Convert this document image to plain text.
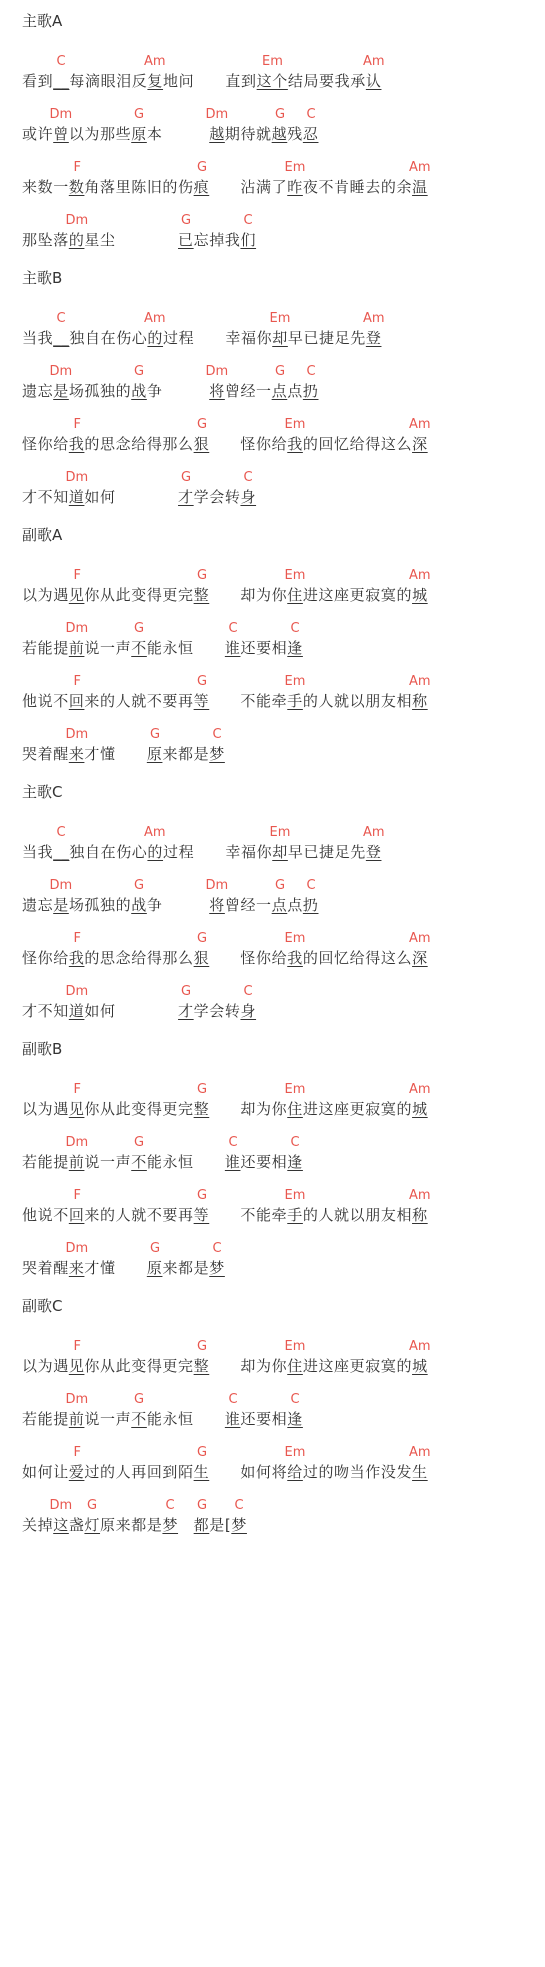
主歌A
看到__每滴眼泪反复地问　　直到这个结局要我承认
C	Am	Em	Am
或许曾以为那些原本　　　越期待就越残忍
Dm	G	Dm	G C
来数一数角落里陈旧的伤痕　　沾满了昨夜不肯睡去的余温
F	G	Em	Am
那坠落的星尘　　　　已忘掉我们
Dm	G	C
主歌B
当我__独自在伤心的过程　　幸福你却早已捷足先登
C	Am	Em	Am
遗忘是场孤独的战争　　　将曾经一点点扔
Dm	G	Dm	G C
怪你给我的思念给得那么狠　　怪你给我的回忆给得这么深
F	G	Em	Am
才不知道如何　　　　才学会转身
Dm	G	C
副歌A
以为遇见你从此变得更完整　　却为你住进这座更寂寞的城
F	G	Em	Am
若能提前说一声不能永恒　　谁还要相逢
Dm	G	C	C
他说不回来的人就不要再等　　不能牵手的人就以朋友相称
F	G	Em	Am
哭着醒来才懂　　原来都是梦
Dm	G	C
主歌C
当我__独自在伤心的过程　　幸福你却早已捷足先登
C	Am	Em	Am
遗忘是场孤独的战争　　　将曾经一点点扔
Dm	G	Dm	G C
怪你给我的思念给得那么狠　　怪你给我的回忆给得这么深
F	G	Em	Am
才不知道如何　　　　才学会转身
Dm	G	C
副歌B
以为遇见你从此变得更完整　　却为你住进这座更寂寞的城
F	G	Em	Am
若能提前说一声不能永恒　　谁还要相逢
Dm	G	C	C
他说不回来的人就不要再等　　不能牵手的人就以朋友相称
F	G	Em	Am
哭着醒来才懂　　原来都是梦
Dm	G	C
副歌C
以为遇见你从此变得更完整　　却为你住进这座更寂寞的城
F	G	Em	Am
若能提前说一声不能永恒　　谁还要相逢
Dm	G	C	C
如何让爱过的人再回到陌生　　如何将给过的吻当作没发生
F	G	Em	Am
关掉这盏灯原来都是梦　 都是[梦
Dm G	C G C
